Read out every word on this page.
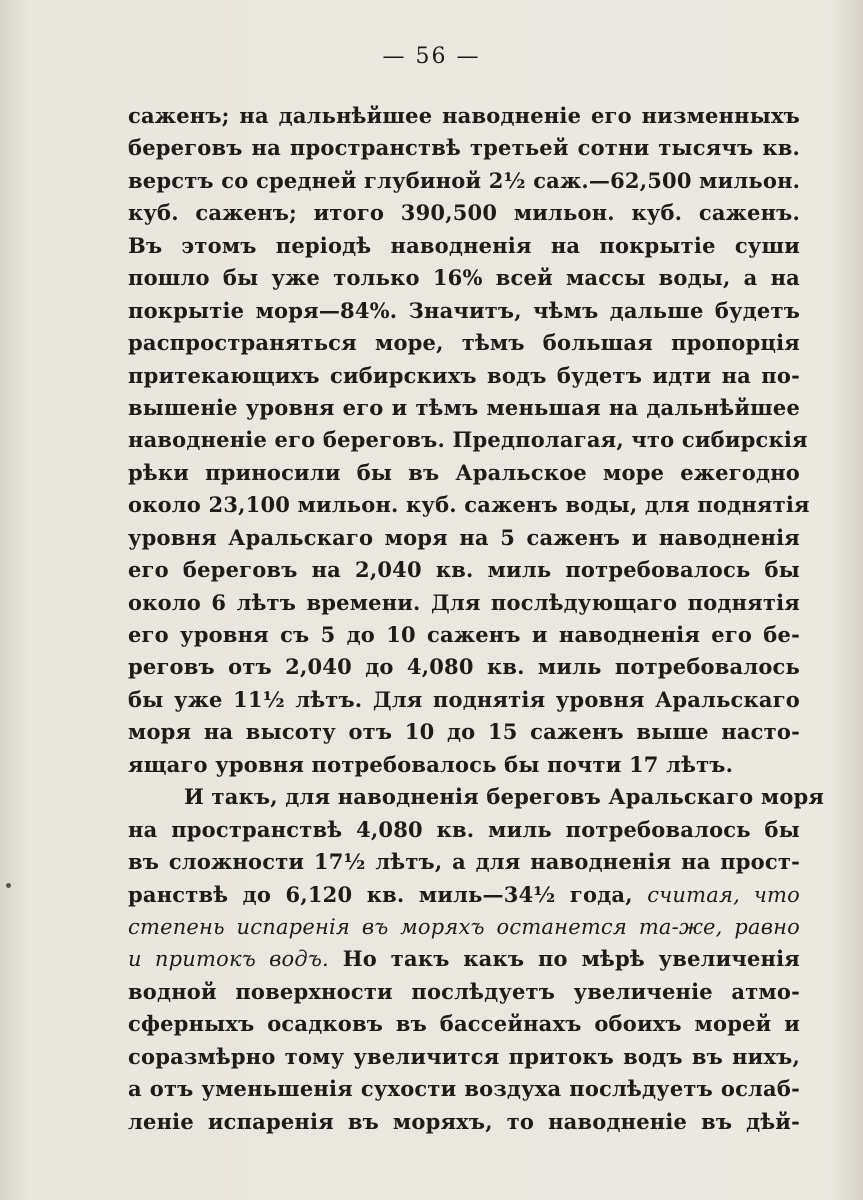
— 56 —
саженъ; на дальнѣйшее наводненіе его низменныхъ
береговъ на пространствѣ третьей сотни тысячъ кв.
верстъ со средней глубиной 2½ саж.—62,500 мильон.
куб. саженъ; итого 390,500 мильон. куб. саженъ.
Въ этомъ періодѣ наводненія на покрытіе суши
пошло бы уже только 16% всей массы воды, а на
покрытіе моря—84%. Значитъ, чѣмъ дальше будетъ
распространяться море, тѣмъ большая пропорція
притекающихъ сибирскихъ водъ будетъ идти на по-
вышеніе уровня его и тѣмъ меньшая на дальнѣйшее
наводненіе его береговъ. Предполагая, что сибирскія
рѣки приносили бы въ Аральское море ежегодно
около 23,100 мильон. куб. саженъ воды, для поднятія
уровня Аральскаго моря на 5 саженъ и наводненія
его береговъ на 2,040 кв. миль потребовалось бы
около 6 лѣтъ времени. Для послѣдующаго поднятія
его уровня съ 5 до 10 саженъ и наводненія его бе-
реговъ отъ 2,040 до 4,080 кв. миль потребовалось
бы уже 11½ лѣтъ. Для поднятія уровня Аральскаго
моря на высоту отъ 10 до 15 саженъ выше насто-
ящаго уровня потребовалось бы почти 17 лѣтъ.
И такъ, для наводненія береговъ Аральскаго моря
на пространствѣ 4,080 кв. миль потребовалось бы
въ сложности 17½ лѣтъ, а для наводненія на прост-
ранствѣ до 6,120 кв. миль—34½ года, считая, что
степень испаренія въ моряхъ останется та-же, равно
и притокъ водъ. Но такъ какъ по мѣрѣ увеличенія
водной поверхности послѣдуетъ увеличеніе атмо-
сферныхъ осадковъ въ бассейнахъ обоихъ морей и
соразмѣрно тому увеличится притокъ водъ въ нихъ,
а отъ уменьшенія сухости воздуха послѣдуетъ ослаб-
леніе испаренія въ моряхъ, то наводненіе въ дѣй-
